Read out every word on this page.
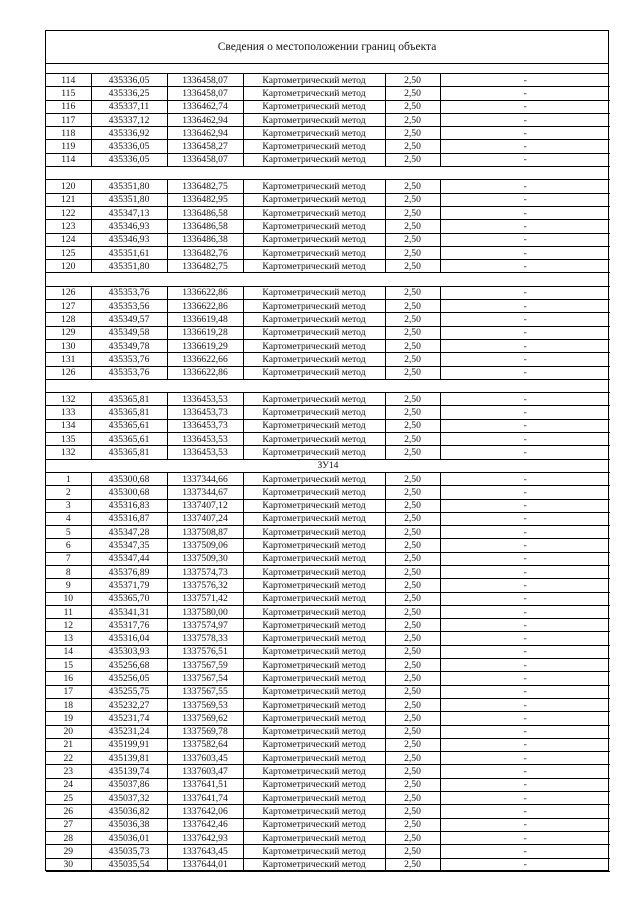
Сведения о местоположении границ объекта
114	435336,05	1336458,07	Картометрический метод	2,50	-
115	435336,25	1336458,07	Картометрический метод	2,50	-
116	435337,11	1336462,74	Картометрический метод	2,50	-
117	435337,12	1336462,94	Картометрический метод	2,50	-
118	435336,92	1336462,94	Картометрический метод	2,50	-
119	435336,05	1336458,27	Картометрический метод	2,50	-
114	435336,05	1336458,07	Картометрический метод	2,50	-

120	435351,80	1336482,75	Картометрический метод	2,50	-
121	435351,80	1336482,95	Картометрический метод	2,50	-
122	435347,13	1336486,58	Картометрический метод	2,50	-
123	435346,93	1336486,58	Картометрический метод	2,50	-
124	435346,93	1336486,38	Картометрический метод	2,50	-
125	435351,61	1336482,76	Картометрический метод	2,50	-
120	435351,80	1336482,75	Картометрический метод	2,50	-

126	435353,76	1336622,86	Картометрический метод	2,50	-
127	435353,56	1336622,86	Картометрический метод	2,50	-
128	435349,57	1336619,48	Картометрический метод	2,50	-
129	435349,58	1336619,28	Картометрический метод	2,50	-
130	435349,78	1336619,29	Картометрический метод	2,50	-
131	435353,76	1336622,66	Картометрический метод	2,50	-
126	435353,76	1336622,86	Картометрический метод	2,50	-

132	435365,81	1336453,53	Картометрический метод	2,50	-
133	435365,81	1336453,73	Картометрический метод	2,50	-
134	435365,61	1336453,73	Картометрический метод	2,50	-
135	435365,61	1336453,53	Картометрический метод	2,50	-
132	435365,81	1336453,53	Картометрический метод	2,50	-
ЗУ14					
1	435300,68	1337344,66	Картометрический метод	2,50	-
2	435300,68	1337344,67	Картометрический метод	2,50	-
3	435316,83	1337407,12	Картометрический метод	2,50	-
4	435316,87	1337407,24	Картометрический метод	2,50	-
5	435347,28	1337508,87	Картометрический метод	2,50	-
6	435347,35	1337509,06	Картометрический метод	2,50	-
7	435347,44	1337509,30	Картометрический метод	2,50	-
8	435376,89	1337574,73	Картометрический метод	2,50	-
9	435371,79	1337576,32	Картометрический метод	2,50	-
10	435365,70	1337571,42	Картометрический метод	2,50	-
11	435341,31	1337580,00	Картометрический метод	2,50	-
12	435317,76	1337574,97	Картометрический метод	2,50	-
13	435316,04	1337578,33	Картометрический метод	2,50	-
14	435303,93	1337576,51	Картометрический метод	2,50	-
15	435256,68	1337567,59	Картометрический метод	2,50	-
16	435256,05	1337567,54	Картометрический метод	2,50	-
17	435255,75	1337567,55	Картометрический метод	2,50	-
18	435232,27	1337569,53	Картометрический метод	2,50	-
19	435231,74	1337569,62	Картометрический метод	2,50	-
20	435231,24	1337569,78	Картометрический метод	2,50	-
21	435199,91	1337582,64	Картометрический метод	2,50	-
22	435139,81	1337603,45	Картометрический метод	2,50	-
23	435139,74	1337603,47	Картометрический метод	2,50	-
24	435037,86	1337641,51	Картометрический метод	2,50	-
25	435037,32	1337641,74	Картометрический метод	2,50	-
26	435036,82	1337642,06	Картометрический метод	2,50	-
27	435036,38	1337642,46	Картометрический метод	2,50	-
28	435036,01	1337642,93	Картометрический метод	2,50	-
29	435035,73	1337643,45	Картометрический метод	2,50	-
30	435035,54	1337644,01	Картометрический метод	2,50	-
